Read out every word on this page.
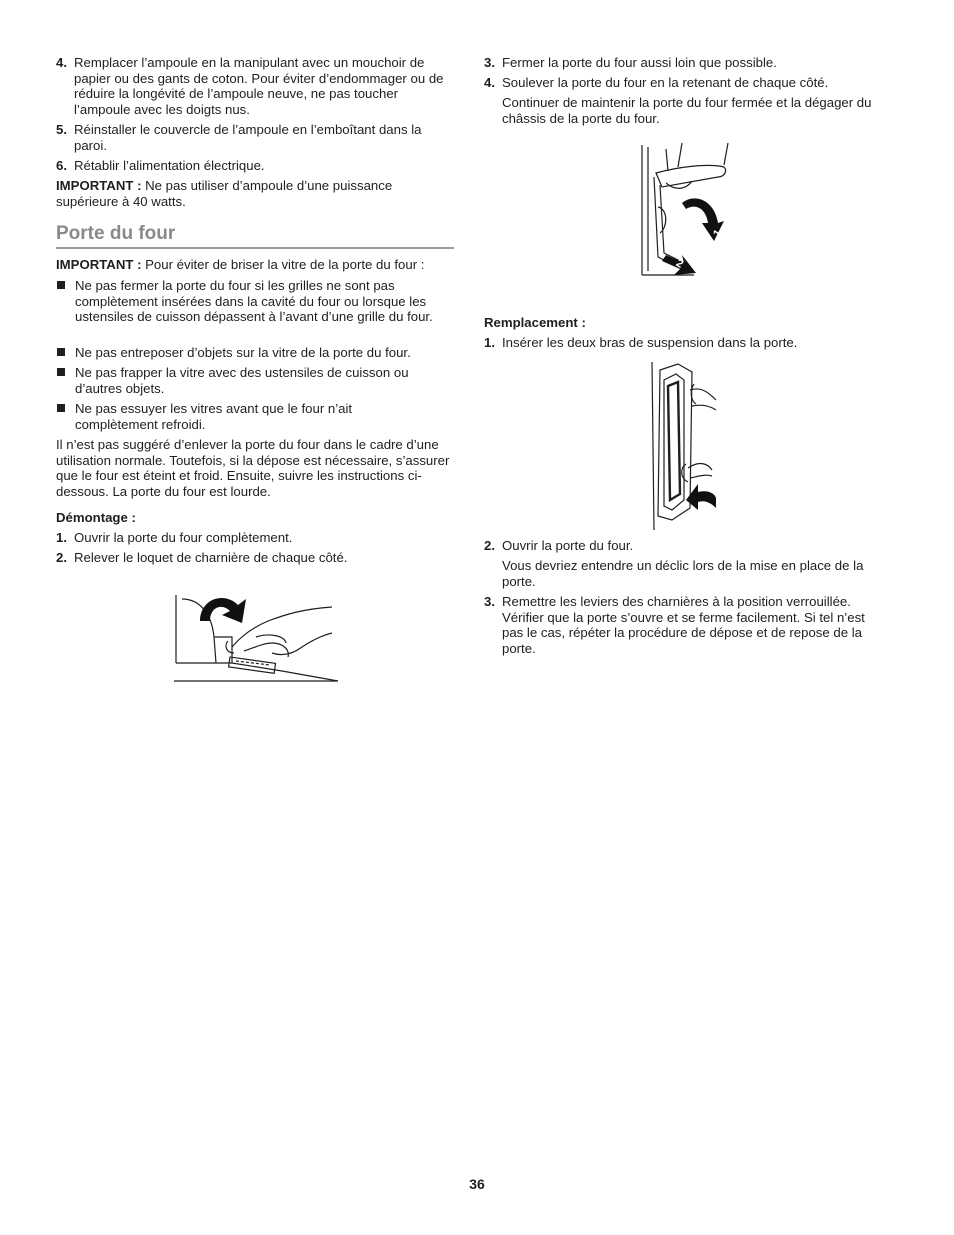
4. Remplacer l’ampoule en la manipulant avec un mouchoir de papier ou des gants de coton. Pour éviter d’endommager ou de réduire la longévité de l’ampoule neuve, ne pas toucher l’ampoule avec les doigts nus.

5. Réinstaller le couvercle de l’ampoule en l’emboîtant dans la paroi.

6. Rétablir l’alimentation électrique.

IMPORTANT : Ne pas utiliser d’ampoule d’une puissance supérieure à 40 watts.

Porte du four

IMPORTANT : Pour éviter de briser la vitre de la porte du four :

Ne pas fermer la porte du four si les grilles ne sont pas complètement insérées dans la cavité du four ou lorsque les ustensiles de cuisson dépassent à l’avant d’une grille du four.

Ne pas entreposer d’objets sur la vitre de la porte du four.

Ne pas frapper la vitre avec des ustensiles de cuisson ou d’autres objets.

Ne pas essuyer les vitres avant que le four n’ait complètement refroidi.

Il n’est pas suggéré d’enlever la porte du four dans le cadre d’une utilisation normale. Toutefois, si la dépose est nécessaire, s’assurer que le four est éteint et froid. Ensuite, suivre les instructions ci-dessous. La porte du four est lourde.

Démontage :
1. Ouvrir la porte du four complètement.

2. Relever le loquet de charnière de chaque côté.

3. Fermer la porte du four aussi loin que possible.

4. Soulever la porte du four en la retenant de chaque côté.

Continuer de maintenir la porte du four fermée et la dégager du châssis de la porte du four.

1
2
Remplacement :
1. Insérer les deux bras de suspension dans la porte.

2. Ouvrir la porte du four.

Vous devriez entendre un déclic lors de la mise en place de la porte.

3. Remettre les leviers des charnières à la position verrouillée. Vérifier que la porte s’ouvre et se ferme facilement. Si tel n’est pas le cas, répéter la procédure de dépose et de repose de la porte.

36
